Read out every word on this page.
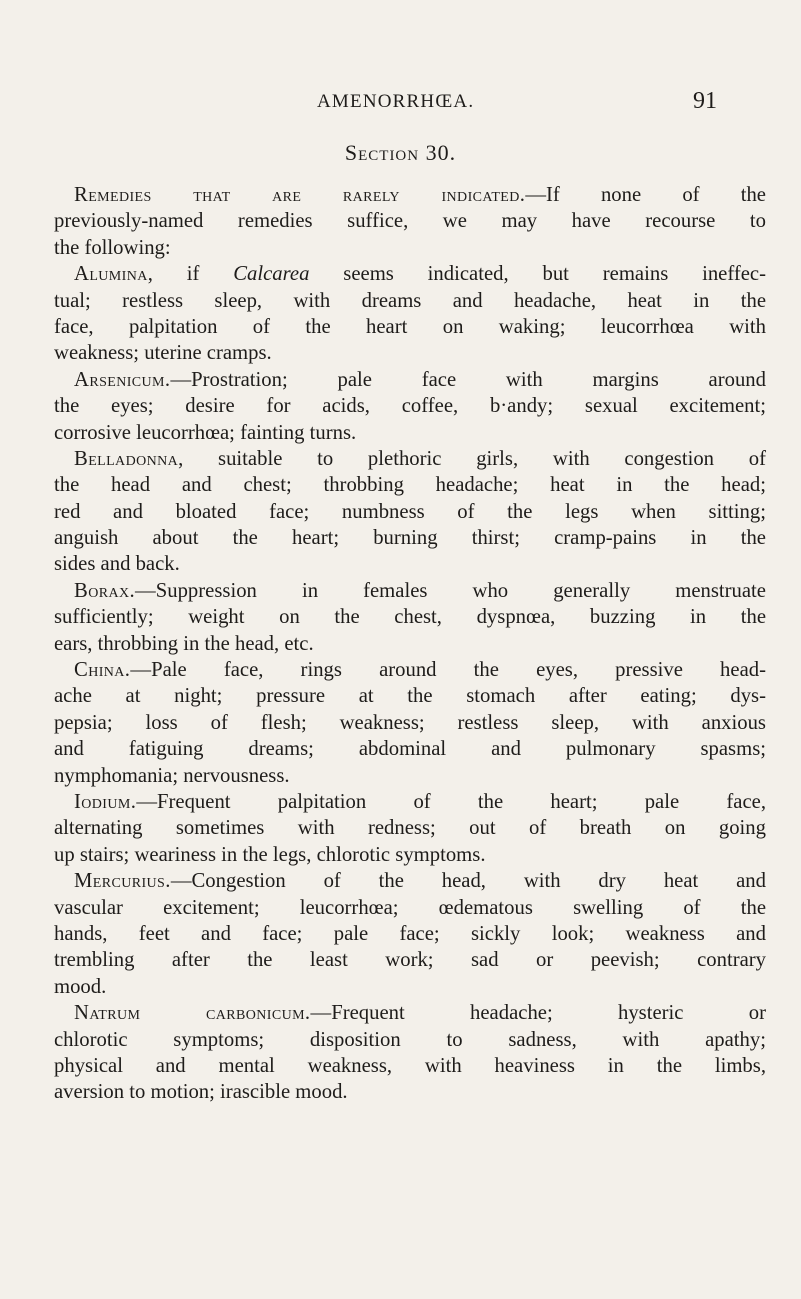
AMENORRHŒA.	91
Section 30.
Remedies that are rarely indicated.—If none of the
previously-named remedies suffice, we may have recourse to
the following:
Alumina, if Calcarea seems indicated, but remains ineffec-
tual; restless sleep, with dreams and headache, heat in the
face, palpitation of the heart on waking; leucorrhœa with
weakness; uterine cramps.
Arsenicum.—Prostration; pale face with margins around
the eyes; desire for acids, coffee, b·andy; sexual excitement;
corrosive leucorrhœa; fainting turns.
Belladonna, suitable to plethoric girls, with congestion of
the head and chest; throbbing headache; heat in the head;
red and bloated face; numbness of the legs when sitting;
anguish about the heart; burning thirst; cramp-pains in the
sides and back.
Borax.—Suppression in females who generally menstruate
sufficiently; weight on the chest, dyspnœa, buzzing in the
ears, throbbing in the head, etc.
China.—Pale face, rings around the eyes, pressive head-
ache at night; pressure at the stomach after eating; dys-
pepsia; loss of flesh; weakness; restless sleep, with anxious
and fatiguing dreams; abdominal and pulmonary spasms;
nymphomania; nervousness.
Iodium.—Frequent palpitation of the heart; pale face,
alternating sometimes with redness; out of breath on going
up stairs; weariness in the legs, chlorotic symptoms.
Mercurius.—Congestion of the head, with dry heat and
vascular excitement; leucorrhœa; œdematous swelling of the
hands, feet and face; pale face; sickly look; weakness and
trembling after the least work; sad or peevish; contrary
mood.
Natrum carbonicum.—Frequent headache; hysteric or
chlorotic symptoms; disposition to sadness, with apathy;
physical and mental weakness, with heaviness in the limbs,
aversion to motion; irascible mood.
